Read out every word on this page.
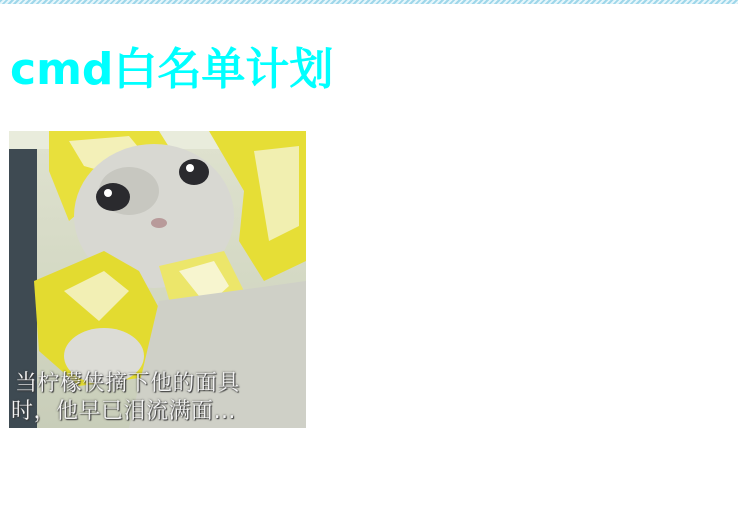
cmd白名单计划
当柠檬侠摘下他的面具
时，他早已泪流满面…
